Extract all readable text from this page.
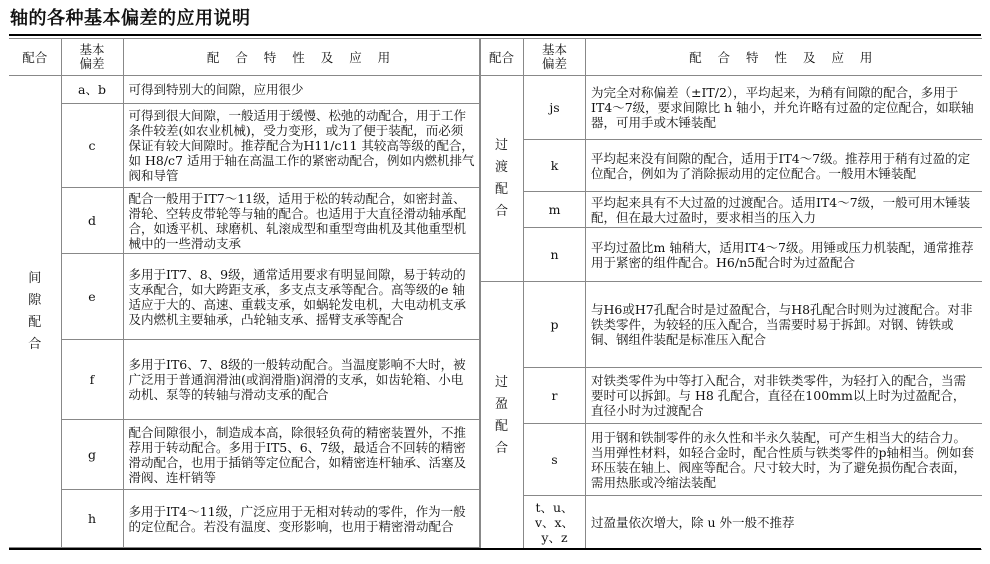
轴的各种基本偏差的应用说明
配合	基本偏差	配 合 特 性 及 应 用
间隙配合	a、b	可得到特别大的间隙，应用很少
	c	可得到很大间隙，一般适用于缓慢、松弛的动配合，用于工作条件较差(如农业机械)，受力变形，或为了便于装配，而必须保证有较大间隙时。推荐配合为H11/c11 其较高等级的配合，如 H8/c7 适用于轴在高温工作的紧密动配合，例如内燃机排气阀和导管
	d	配合一般用于IT7～11级，适用于松的转动配合，如密封盖、滑轮、空转皮带轮等与轴的配合。也适用于大直径滑动轴承配合，如透平机、球磨机、轧滚成型和重型弯曲机及其他重型机械中的一些滑动支承
	e	多用于IT7、8、9级，通常适用要求有明显间隙，易于转动的支承配合，如大跨距支承，多支点支承等配合。高等级的e 轴适应于大的、高速、重载支承，如蜗轮发电机，大电动机支承及内燃机主要轴承，凸轮轴支承、摇臂支承等配合
	f	多用于IT6、7、8级的一般转动配合。当温度影响不大时，被广泛用于普通润滑油(或润滑脂)润滑的支承，如齿轮箱、小电动机、泵等的转轴与滑动支承的配合
	g	配合间隙很小，制造成本高，除很轻负荷的精密装置外，不推荐用于转动配合。多用于IT5、6、7级，最适合不回转的精密滑动配合，也用于插销等定位配合，如精密连杆轴承、活塞及滑阀、连杆销等
	h	多用于IT4～11级，广泛应用于无相对转动的零件，作为一般的定位配合。若没有温度、变形影响，也用于精密滑动配合
配合	基本偏差	配 合 特 性 及 应 用
过渡配合	js	为完全对称偏差（±IT/2），平均起来，为稍有间隙的配合，多用于IT4～7级，要求间隙比 h 轴小，并允许略有过盈的定位配合，如联轴器，可用手或木锤装配
	k	平均起来没有间隙的配合，适用于IT4～7级。推荐用于稍有过盈的定位配合，例如为了消除振动用的定位配合。一般用木锤装配
	m	平均起来具有不大过盈的过渡配合。适用IT4～7级，一般可用木锤装配，但在最大过盈时，要求相当的压入力
	n	平均过盈比m 轴稍大，适用IT4～7级。用锤或压力机装配，通常推荐用于紧密的组件配合。H6/n5配合时为过盈配合
过盈配合	p	与H6或H7孔配合时是过盈配合，与H8孔配合时则为过渡配合。对非铁类零件，为较轻的压入配合，当需要时易于拆卸。对钢、铸铁或铜、钢组件装配是标准压入配合
	r	对铁类零件为中等打入配合，对非铁类零件，为轻打入的配合，当需要时可以拆卸。与 H8 孔配合，直径在100mm以上时为过盈配合，直径小时为过渡配合
	s	用于钢和铁制零件的永久性和半永久装配，可产生相当大的结合力。当用弹性材料，如轻合金时，配合性质与铁类零件的p轴相当。例如套环压装在轴上、阀座等配合。尺寸较大时，为了避免损伤配合表面，需用热胀或冷缩法装配
	t、u、v、x、y、z	过盈量依次增大，除 u 外一般不推荐
